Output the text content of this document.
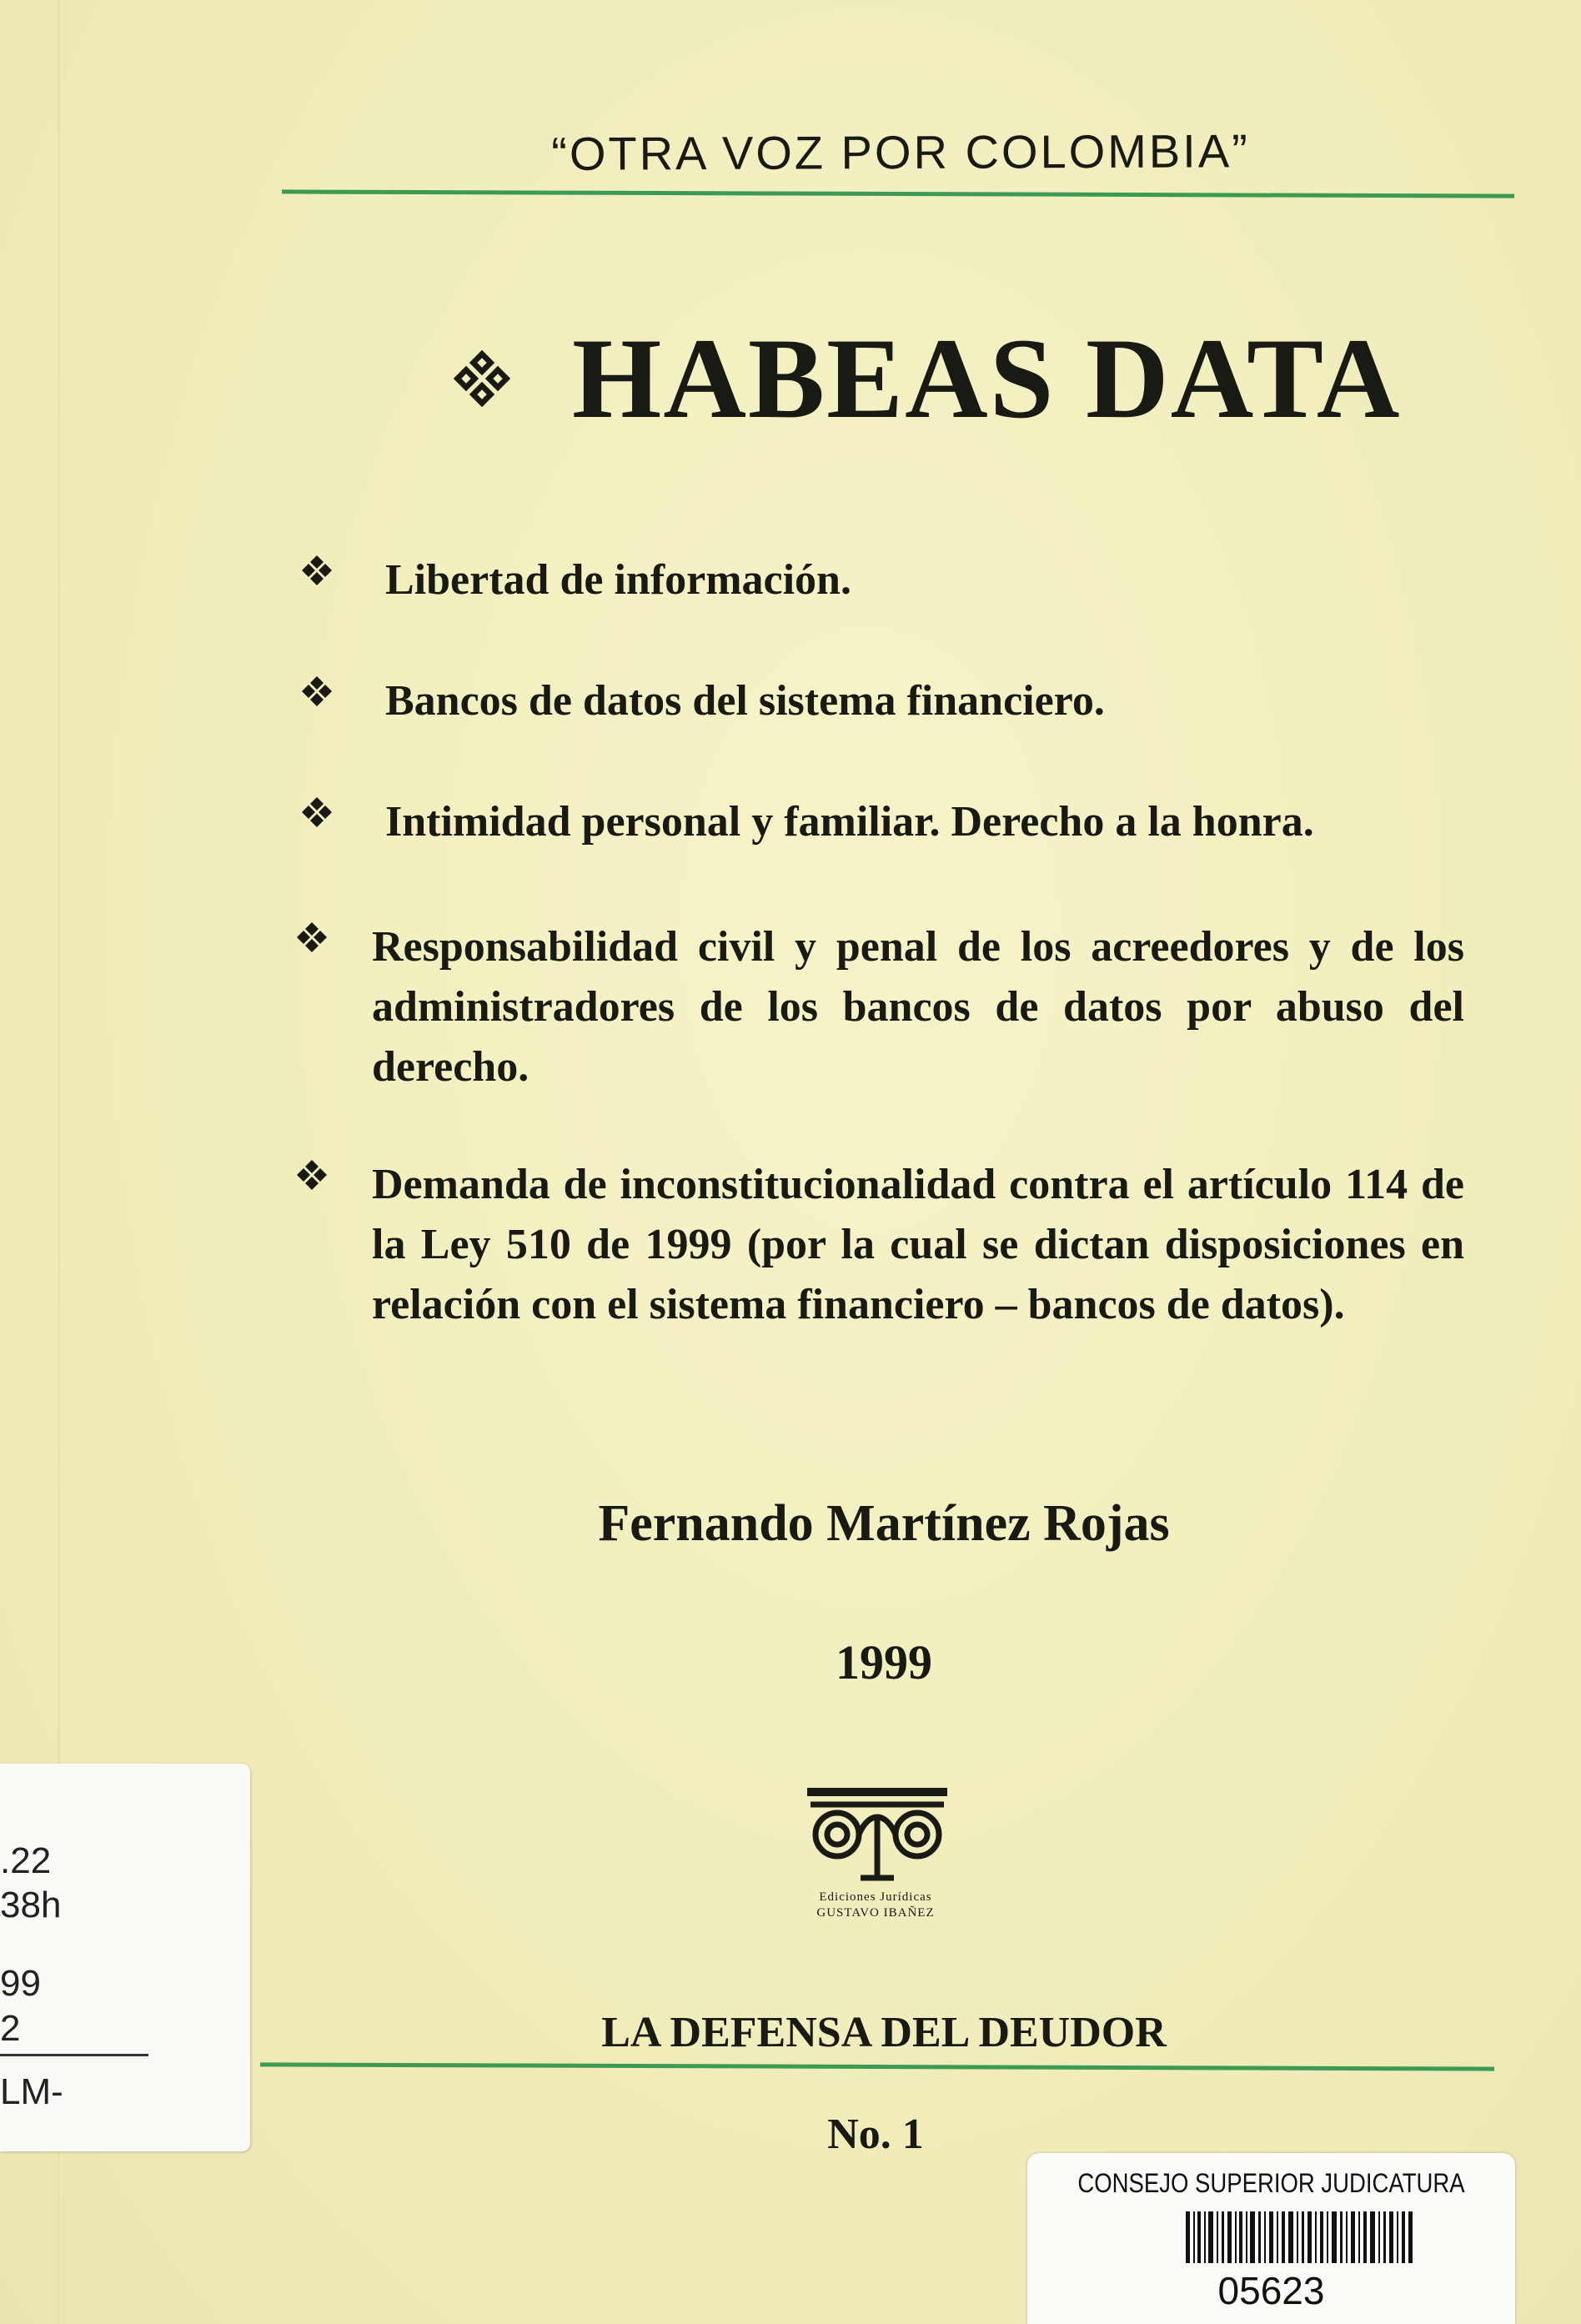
“OTRA VOZ POR COLOMBIA”
HABEAS DATA
Libertad de información.
Bancos de datos del sistema financiero.
Intimidad personal y familiar. Derecho a la honra.
Responsabilidad civil y penal de los acreedores y de los administradores de los bancos de datos por abuso del derecho.
Demanda de inconstitucionalidad contra el artículo 114 de la Ley 510 de 1999 (por la cual se dictan disposiciones en relación con el sistema financiero – bancos de datos).
Fernando Martínez Rojas
1999
Ediciones Jurídicas
GUSTAVO IBAÑEZ
LA DEFENSA DEL DEUDOR
No. 1
.22
38h
99
2
LM-
CONSEJO SUPERIOR JUDICATURA
05623
